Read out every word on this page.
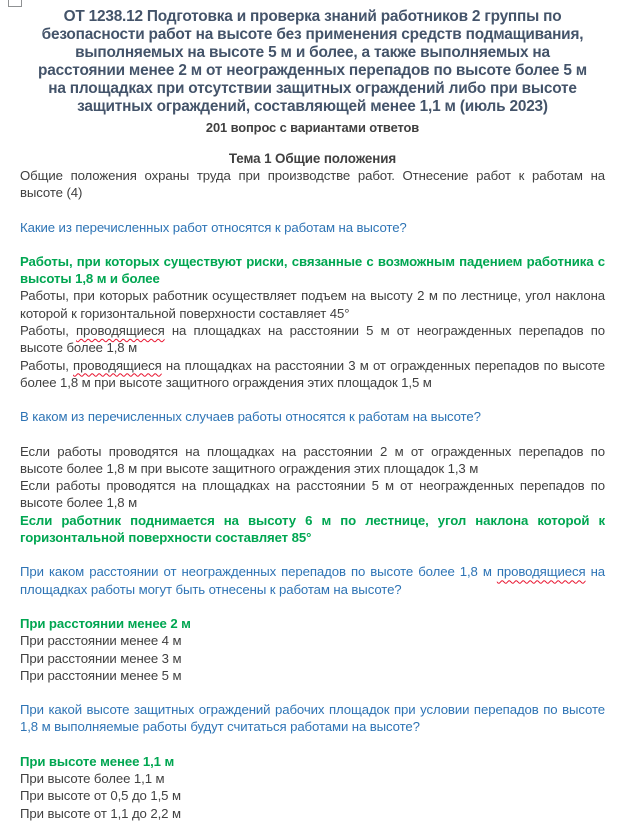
ОТ 1238.12 Подготовка и проверка знаний работников 2 группы по безопасности работ на высоте без применения средств подмащивания, выполняемых на высоте 5 м и более, а также выполняемых на расстоянии менее 2 м от неогражденных перепадов по высоте более 5 м на площадках при отсутствии защитных ограждений либо при высоте защитных ограждений, составляющей менее 1,1 м (июль 2023)

201 вопрос с вариантами ответов

Тема 1 Общие положения

Общие положения охраны труда при производстве работ. Отнесение работ к работам на высоте (4)

Какие из перечисленных работ относятся к работам на высоте?

Работы, при которых существуют риски, связанные с возможным падением работника с высоты 1,8 м и более

Работы, при которых работник осуществляет подъем на высоту 2 м по лестнице, угол наклона которой к горизонтальной поверхности составляет 45°

Работы, проводящиеся на площадках на расстоянии 5 м от неогражденных перепадов по высоте более 1,8 м

Работы, проводящиеся на площадках на расстоянии 3 м от огражденных перепадов по высоте более 1,8 м при высоте защитного ограждения этих площадок 1,5 м

В каком из перечисленных случаев работы относятся к работам на высоте?

Если работы проводятся на площадках на расстоянии 2 м от огражденных перепадов по высоте более 1,8 м при высоте защитного ограждения этих площадок 1,3 м

Если работы проводятся на площадках на расстоянии 5 м от неогражденных перепадов по высоте более 1,8 м

Если работник поднимается на высоту 6 м по лестнице, угол наклона которой к горизонтальной поверхности составляет 85°

При каком расстоянии от неогражденных перепадов по высоте более 1,8 м проводящиеся на площадках работы могут быть отнесены к работам на высоте?

При расстоянии менее 2 м

При расстоянии менее 4 м

При расстоянии менее 3 м

При расстоянии менее 5 м

При какой высоте защитных ограждений рабочих площадок при условии перепадов по высоте 1,8 м выполняемые работы будут считаться работами на высоте?

При высоте менее 1,1 м

При высоте более 1,1 м

При высоте от 0,5 до 1,5 м

При высоте от 1,1 до 2,2 м
